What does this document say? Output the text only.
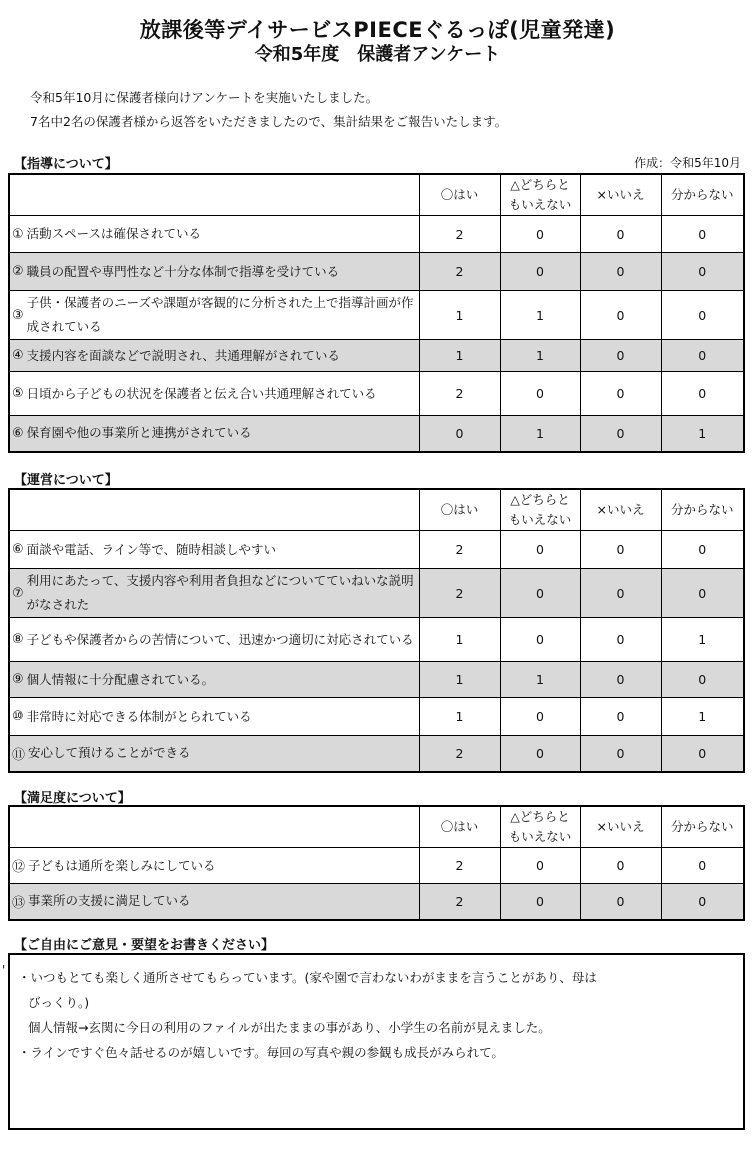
放課後等デイサービスPIECEぐるっぽ(児童発達)
令和5年度　保護者アンケート
令和5年10月に保護者様向けアンケートを実施いたしました。
7名中2名の保護者様から返答をいただきましたので、集計結果をご報告いたします。
【指導について】	作成：令和5年10月
	〇はい	△どちらと
もいえない	×いいえ	分からない

① 活動スペースは確保されている	2	0	0	0

② 職員の配置や専門性など十分な体制で指導を受けている	2	0	0	0

③
子供・保護者のニーズや課題が客観的に分析された上で指導計画が作成されている	1	1	0	0

④ 支援内容を面談などで説明され、共通理解がされている	1	1	0	0

⑤ 日頃から子どもの状況を保護者と伝え合い共通理解されている	2	0	0	0

⑥ 保育園や他の事業所と連携がされている	0	1	0	1
【運営について】
	〇はい	△どちらと
もいえない	×いいえ	分からない

⑥ 面談や電話、ライン等で、随時相談しやすい	2	0	0	0

⑦
利用にあたって、支援内容や利用者負担などについてていねいな説明がなされた	2	0	0	0

⑧ 子どもや保護者からの苦情について、迅速かつ適切に対応されている	1	0	0	1

⑨ 個人情報に十分配慮されている。	1	1	0	0

⑩ 非常時に対応できる体制がとられている	1	0	0	1

⑪ 安心して預けることができる	2	0	0	0
【満足度について】
	〇はい	△どちらと
もいえない	×いいえ	分からない

⑫ 子どもは通所を楽しみにしている	2	0	0	0

⑬ 事業所の支援に満足している	2	0	0	0
【ご自由にご意見・要望をお書きください】
'	・いつもとても楽しく通所させてもらっています。(家や園で言わないわがままを言うことがあり、母は

びっくり。)

個人情報→玄関に今日の利用のファイルが出たままの事があり、小学生の名前が見えました。

・ラインですぐ色々話せるのが嬉しいです。毎回の写真や親の参観も成長がみられて。
